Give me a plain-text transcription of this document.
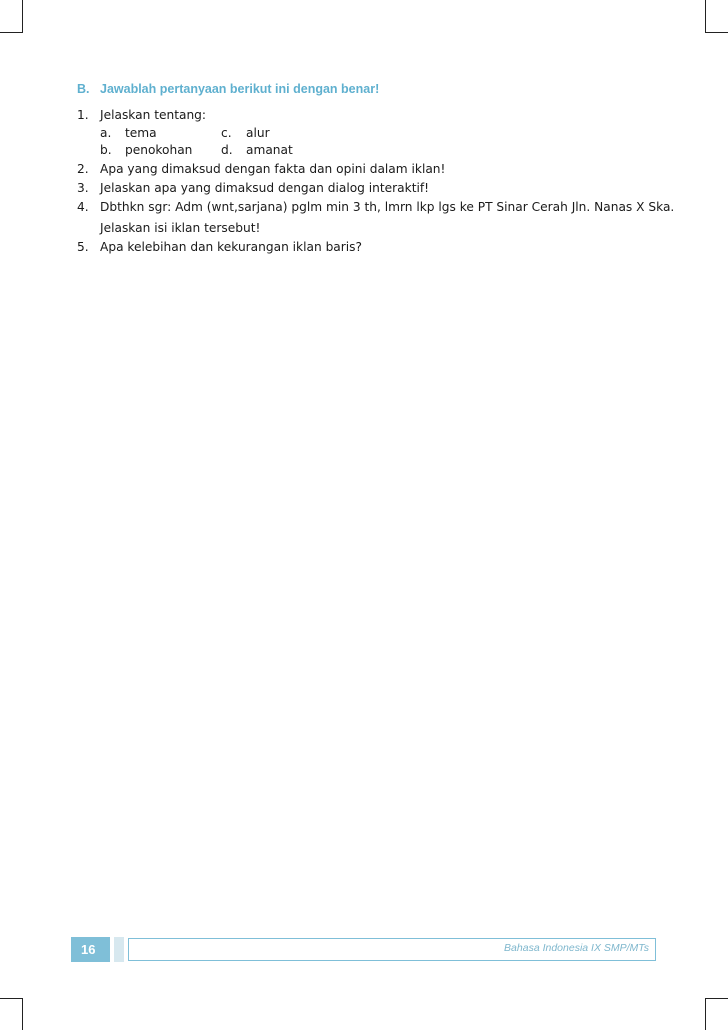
B. Jawablah pertanyaan berikut ini dengan benar!
1. Jelaskan tentang:
a.	tema	c.	alur
b.	penokohan d.	amanat
2. Apa yang dimaksud dengan fakta dan opini dalam iklan!
3. Jelaskan apa yang dimaksud dengan dialog interaktif!
4. Dbthkn sgr: Adm (wnt,sarjana) pglm min 3 th, lmrn lkp lgs ke PT Sinar Cerah Jln. Nanas X Ska.
Jelaskan isi iklan tersebut!
5. Apa kelebihan dan kekurangan iklan baris?
16	Bahasa Indonesia IX SMP/MTs
